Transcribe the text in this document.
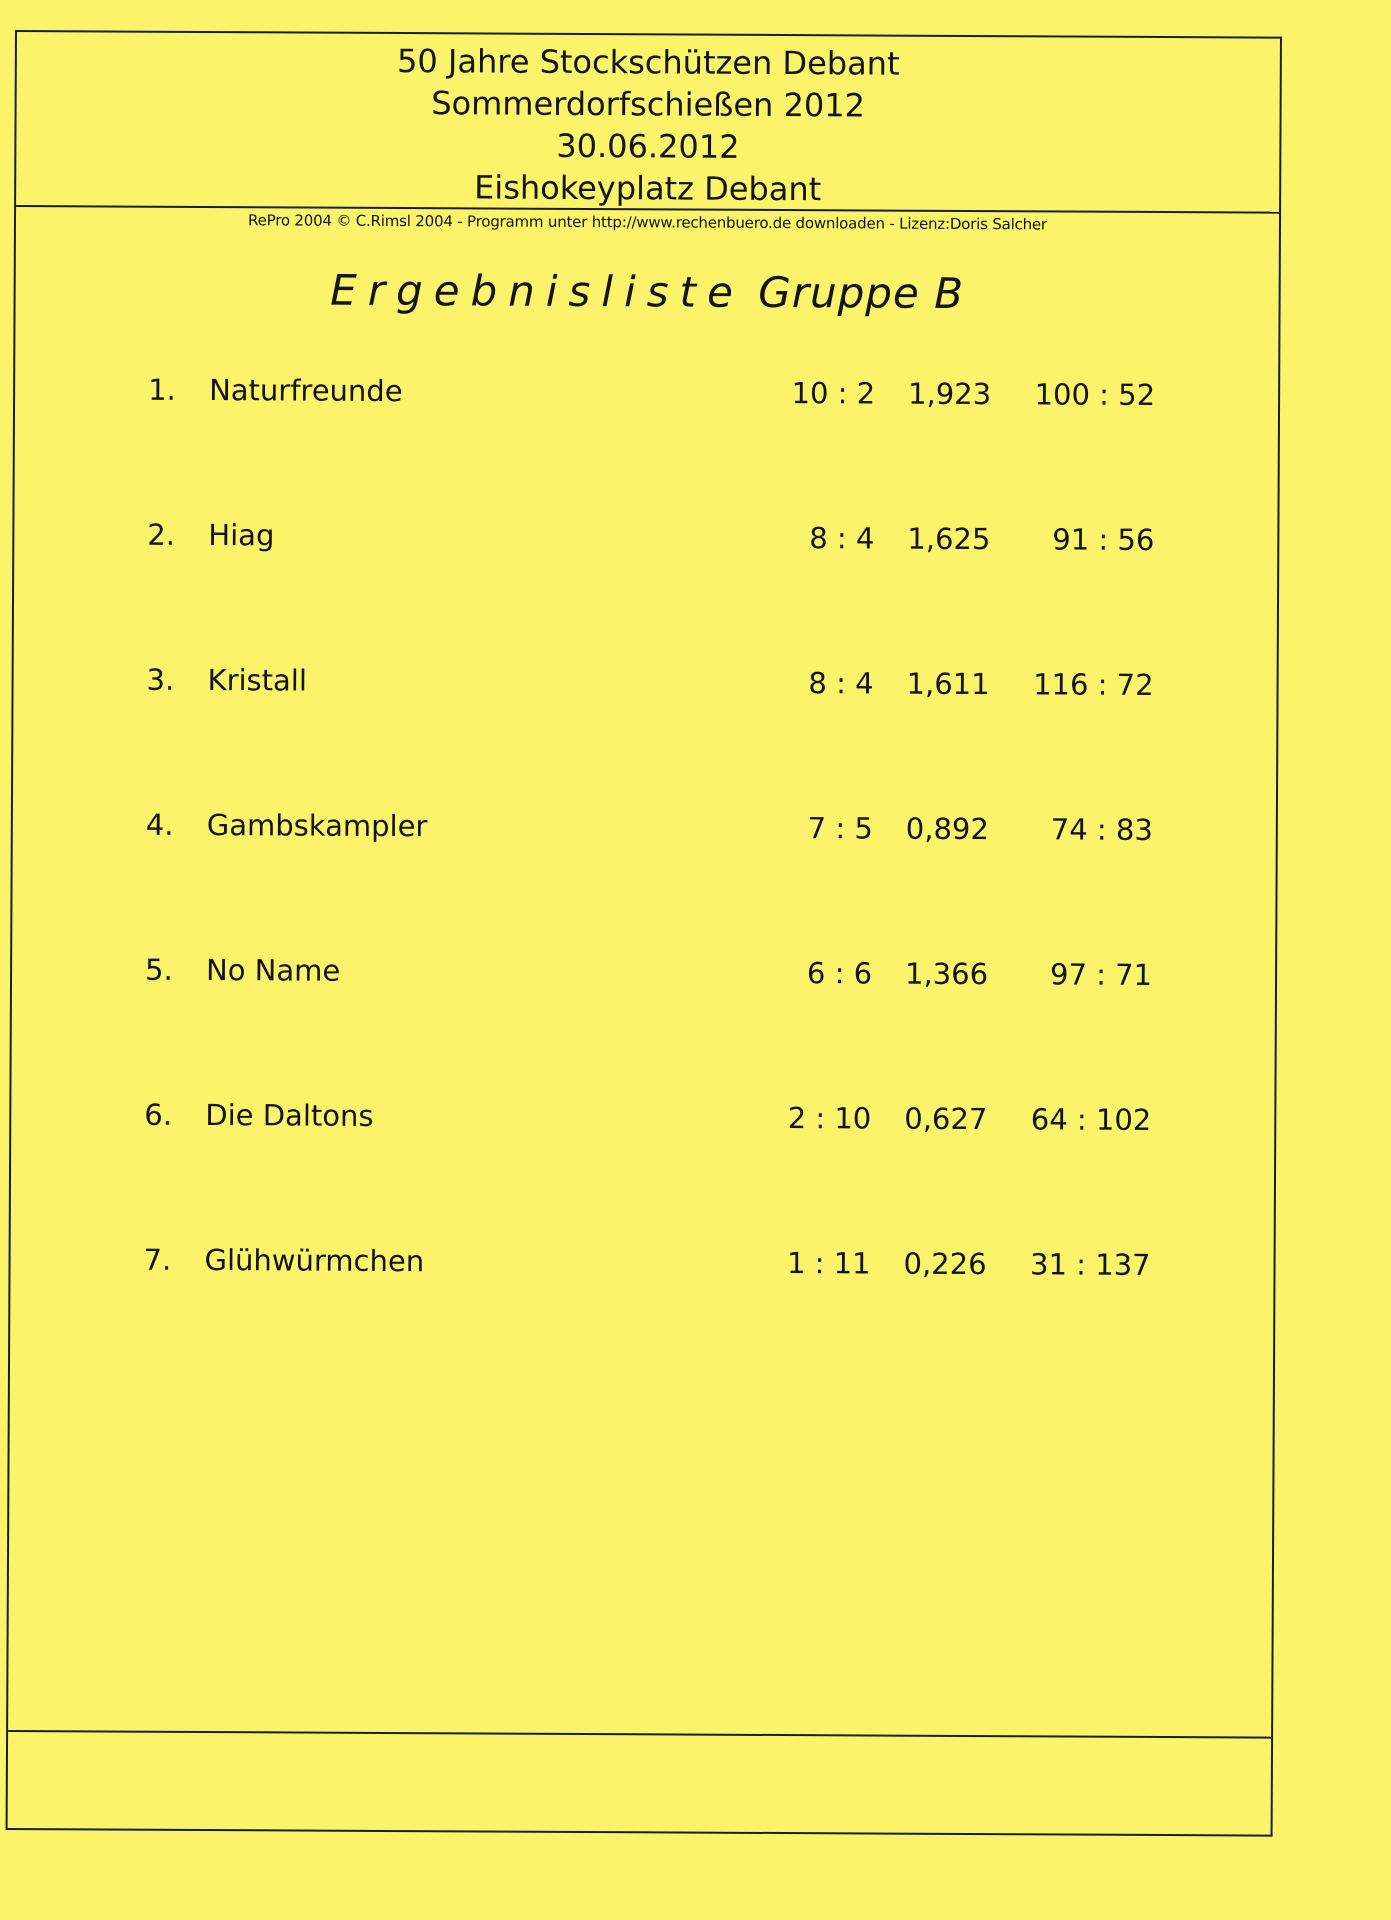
50 Jahre Stockschützen Debant
Sommerdorfschießen 2012
30.06.2012
Eishokeyplatz Debant
RePro 2004 © C.Rimsl 2004 - Programm unter http://www.rechenbuero.de downloaden - Lizenz:Doris Salcher
Ergebnisliste Gruppe B
1. Naturfreunde	10 : 2 1,923	100 : 52
2. Hiag	8 : 4 1,625	91 : 56
3. Kristall	8 : 4 1,611	116 : 72
4. Gambskampler	7 : 5 0,892	74 : 83
5. No Name	6 : 6 1,366	97 : 71
6. Die Daltons	2 : 10 0,627	64 : 102
7. Glühwürmchen	1 : 11 0,226	31 : 137
